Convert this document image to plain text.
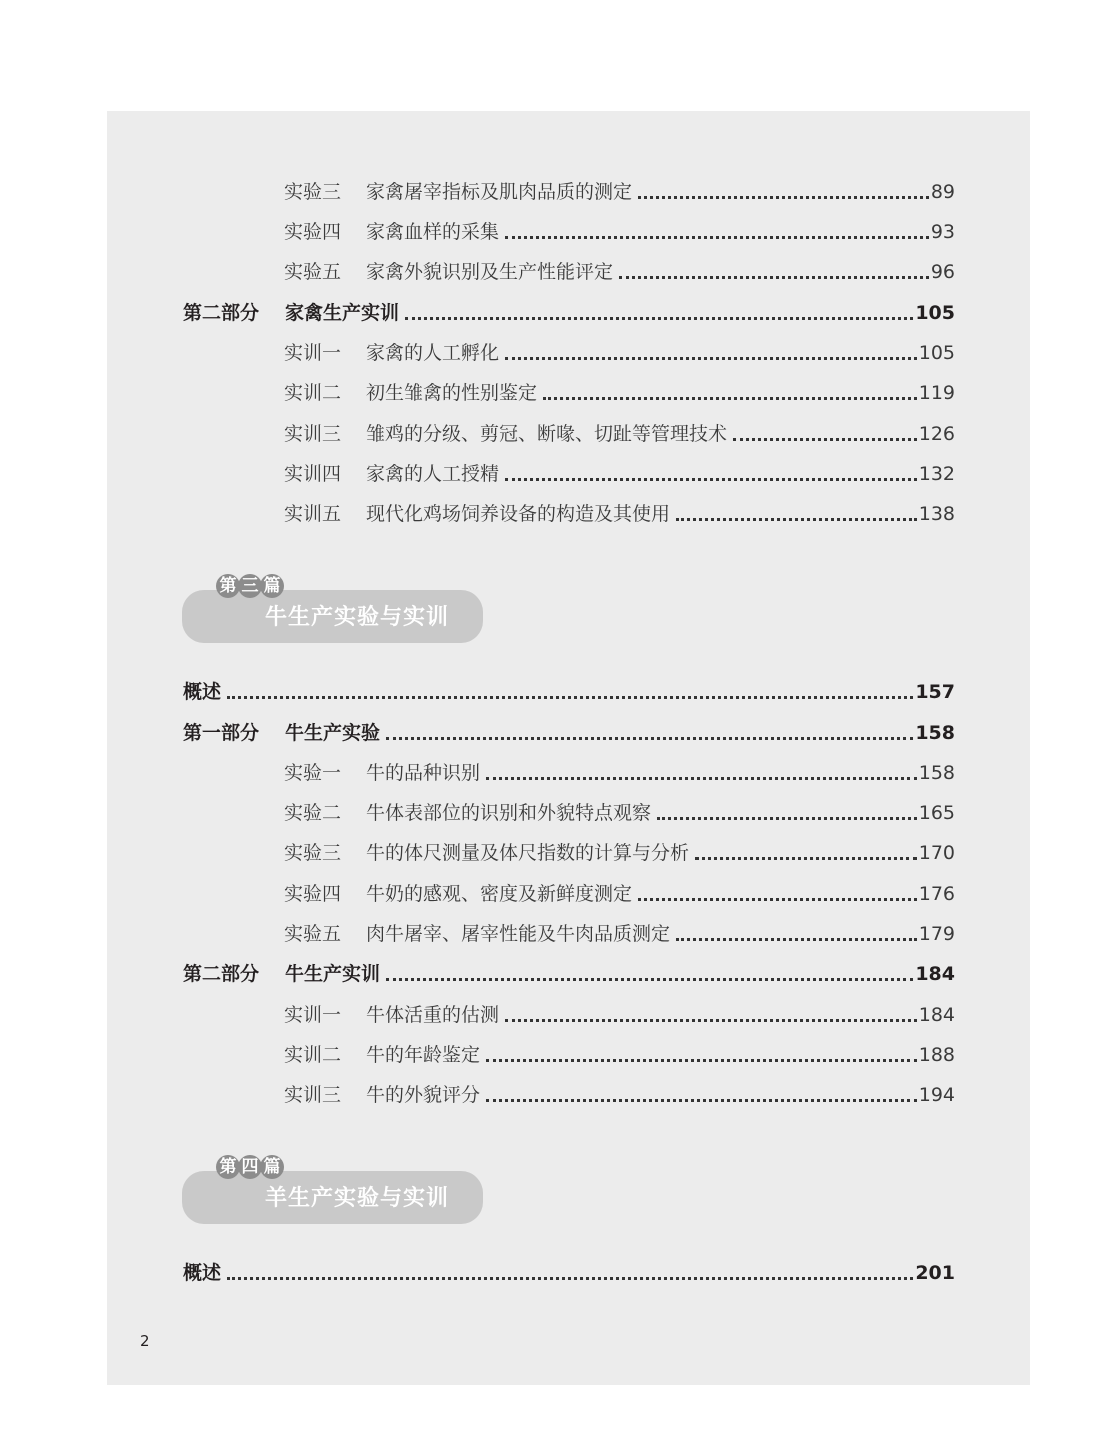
实验三	家禽屠宰指标及肌肉品质的测定	89
实验四	家禽血样的采集	93
实验五	家禽外貌识别及生产性能评定	96
第二部分	家禽生产实训	105
实训一	家禽的人工孵化	105
实训二	初生雏禽的性别鉴定	119
实训三	雏鸡的分级、剪冠、断喙、切趾等管理技术	126
实训四	家禽的人工授精	132
实训五	现代化鸡场饲养设备的构造及其使用	138
牛生产实验与实训
第 三 篇
概述	157
第一部分	牛生产实验	158
实验一	牛的品种识别	158
实验二	牛体表部位的识别和外貌特点观察	165
实验三	牛的体尺测量及体尺指数的计算与分析	170
实验四	牛奶的感观、密度及新鲜度测定	176
实验五	肉牛屠宰、屠宰性能及牛肉品质测定	179
第二部分	牛生产实训	184
实训一	牛体活重的估测	184
实训二	牛的年龄鉴定	188
实训三	牛的外貌评分	194
羊生产实验与实训
第 四 篇
概述	201
2
